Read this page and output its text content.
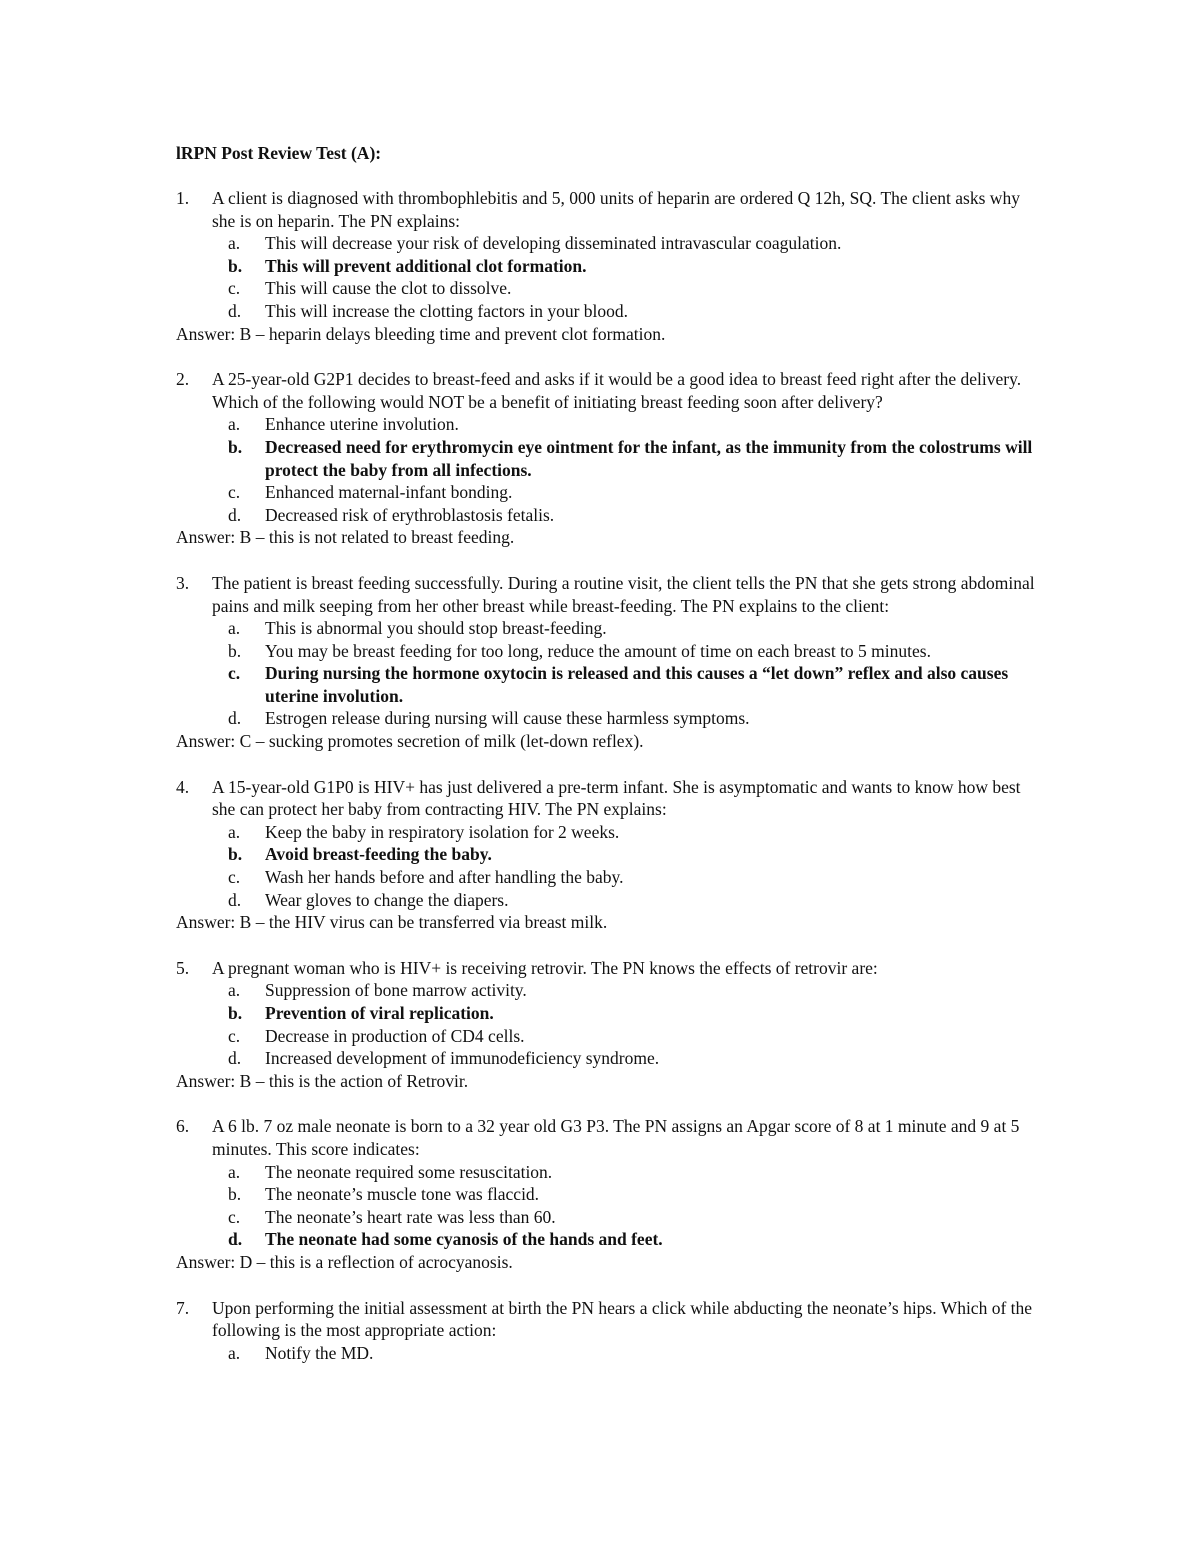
lRPN Post Review Test (A):
1.	A client is diagnosed with thrombophlebitis and 5, 000 units of heparin are ordered Q 12h, SQ. The client asks why she is on heparin. The PN explains:
a.	This will decrease your risk of developing disseminated intravascular coagulation.
b.	This will prevent additional clot formation.
c.	This will cause the clot to dissolve.
d.	This will increase the clotting factors in your blood.
Answer: B – heparin delays bleeding time and prevent clot formation.
2.	A 25-year-old G2P1 decides to breast-feed and asks if it would be a good idea to breast feed right after the delivery. Which of the following would NOT be a benefit of initiating breast feeding soon after delivery?
a.	Enhance uterine involution.
b.	Decreased need for erythromycin eye ointment for the infant, as the immunity from the colostrums will protect the baby from all infections.
c.	Enhanced maternal-infant bonding.
d.	Decreased risk of erythroblastosis fetalis.
Answer: B – this is not related to breast feeding.
3.	The patient is breast feeding successfully. During a routine visit, the client tells the PN that she gets strong abdominal pains and milk seeping from her other breast while breast-feeding. The PN explains to the client:
a.	This is abnormal you should stop breast-feeding.
b.	You may be breast feeding for too long, reduce the amount of time on each breast to 5 minutes.
c.	During nursing the hormone oxytocin is released and this causes a “let down” reflex and also causes uterine involution.
d.	Estrogen release during nursing will cause these harmless symptoms.
Answer: C – sucking promotes secretion of milk (let-down reflex).
4.	A 15-year-old G1P0 is HIV+ has just delivered a pre-term infant. She is asymptomatic and wants to know how best she can protect her baby from contracting HIV. The PN explains:
a.	Keep the baby in respiratory isolation for 2 weeks.
b.	Avoid breast-feeding the baby.
c.	Wash her hands before and after handling the baby.
d.	Wear gloves to change the diapers.
Answer: B – the HIV virus can be transferred via breast milk.
5.	A pregnant woman who is HIV+ is receiving retrovir. The PN knows the effects of retrovir are:
a.	Suppression of bone marrow activity.
b.	Prevention of viral replication.
c.	Decrease in production of CD4 cells.
d.	Increased development of immunodeficiency syndrome.
Answer: B – this is the action of Retrovir.
6.	A 6 lb. 7 oz male neonate is born to a 32 year old G3 P3. The PN assigns an Apgar score of 8 at 1 minute and 9 at 5 minutes. This score indicates:
a.	The neonate required some resuscitation.
b.	The neonate’s muscle tone was flaccid.
c.	The neonate’s heart rate was less than 60.
d.	The neonate had some cyanosis of the hands and feet.
Answer: D – this is a reflection of acrocyanosis.
7.	Upon performing the initial assessment at birth the PN hears a click while abducting the neonate’s hips. Which of the following is the most appropriate action:
a.	Notify the MD.
